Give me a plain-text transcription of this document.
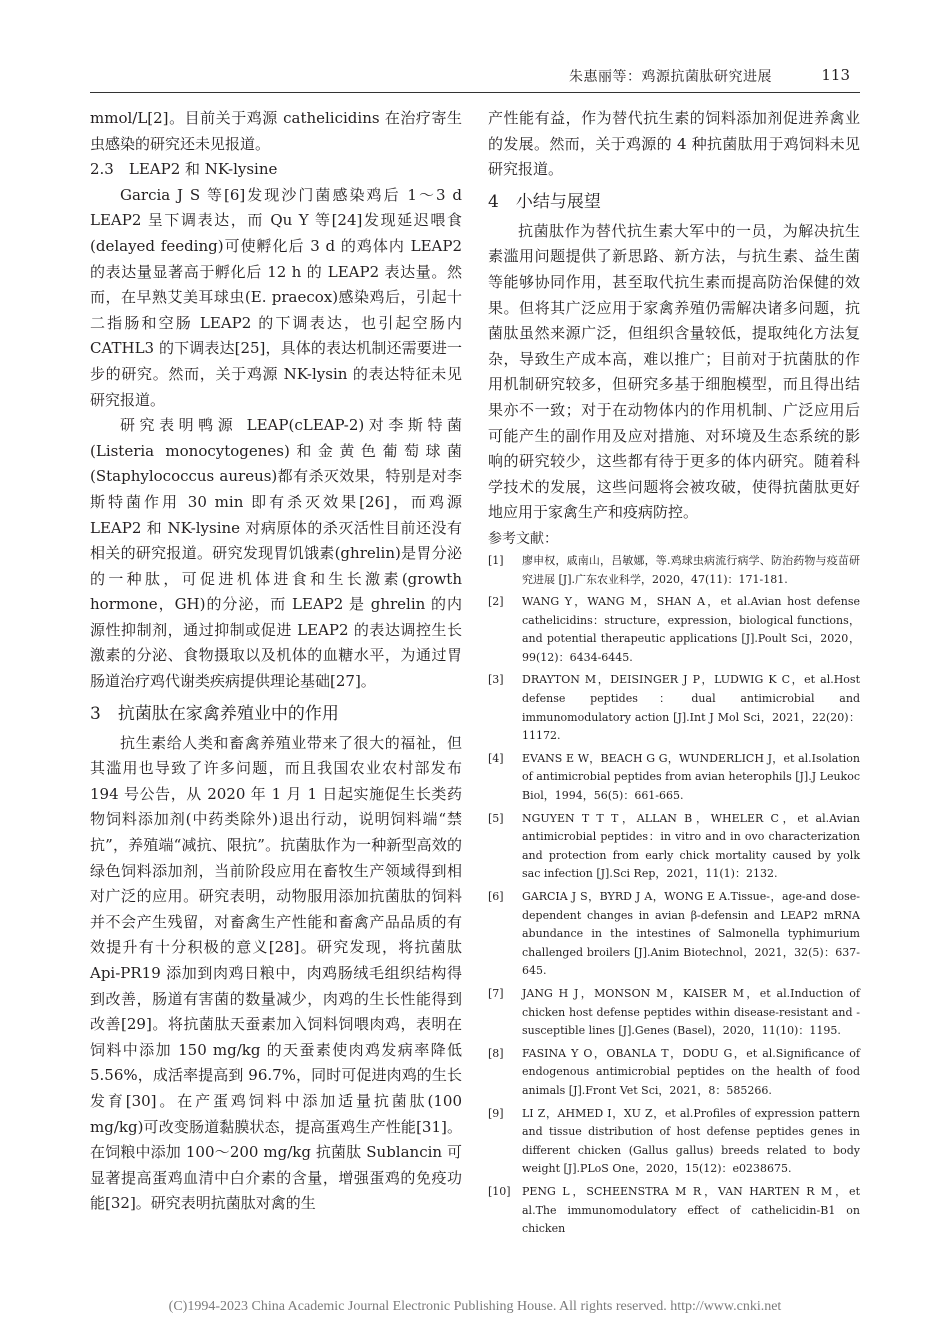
朱惠丽等：鸡源抗菌肽研究进展	113

mmol/L[2]。目前关于鸡源 cathelicidins 在治疗寄生虫感染的研究还未见报道。

2.3　LEAP2 和 NK-lysine

Garcia J S 等[6]发现沙门菌感染鸡后 1～3 d LEAP2 呈下调表达，而 Qu Y 等[24]发现延迟喂食(delayed feeding)可使孵化后 3 d 的鸡体内 LEAP2 的表达量显著高于孵化后 12 h 的 LEAP2 表达量。然而，在早熟艾美耳球虫(E. praecox)感染鸡后，引起十二指肠和空肠 LEAP2 的下调表达，也引起空肠内 CATHL3 的下调表达[25]，具体的表达机制还需要进一步的研究。然而，关于鸡源 NK-lysin 的表达特征未见研究报道。

研究表明鸭源 LEAP(cLEAP-2)对李斯特菌(Listeria monocytogenes)和金黄色葡萄球菌(Staphylococcus aureus)都有杀灭效果，特别是对李斯特菌作用 30 min 即有杀灭效果[26]，而鸡源 LEAP2 和 NK-lysine 对病原体的杀灭活性目前还没有相关的研究报道。研究发现胃饥饿素(ghrelin)是胃分泌的一种肽，可促进机体进食和生长激素(growth hormone，GH)的分泌，而 LEAP2 是 ghrelin 的内源性抑制剂，通过抑制或促进 LEAP2 的表达调控生长激素的分泌、食物摄取以及机体的血糖水平，为通过胃肠道治疗鸡代谢类疾病提供理论基础[27]。

3　抗菌肽在家禽养殖业中的作用

抗生素给人类和畜禽养殖业带来了很大的福祉，但其滥用也导致了许多问题，而且我国农业农村部发布 194 号公告，从 2020 年 1 月 1 日起实施促生长类药物饲料添加剂(中药类除外)退出行动，说明饲料端“禁抗”，养殖端“减抗、限抗”。抗菌肽作为一种新型高效的绿色饲料添加剂，当前阶段应用在畜牧生产领域得到相对广泛的应用。研究表明，动物服用添加抗菌肽的饲料并不会产生残留，对畜禽生产性能和畜禽产品品质的有效提升有十分积极的意义[28]。研究发现，将抗菌肽 Api-PR19 添加到肉鸡日粮中，肉鸡肠绒毛组织结构得到改善，肠道有害菌的数量减少，肉鸡的生长性能得到改善[29]。将抗菌肽天蚕素加入饲料饲喂肉鸡，表明在饲料中添加 150 mg/kg 的天蚕素使肉鸡发病率降低 5.56%，成活率提高到 96.7%，同时可促进肉鸡的生长发育[30]。在产蛋鸡饲料中添加适量抗菌肽(100 mg/kg)可改变肠道黏膜状态，提高蛋鸡生产性能[31]。在饲粮中添加 100～200 mg/kg 抗菌肽 Sublancin 可显著提高蛋鸡血清中白介素的含量，增强蛋鸡的免疫功能[32]。研究表明抗菌肽对禽的生

产性能有益，作为替代抗生素的饲料添加剂促进养禽业的发展。然而，关于鸡源的 4 种抗菌肽用于鸡饲料未见研究报道。

4　小结与展望

抗菌肽作为替代抗生素大军中的一员，为解决抗生素滥用问题提供了新思路、新方法，与抗生素、益生菌等能够协同作用，甚至取代抗生素而提高防治保健的效果。但将其广泛应用于家禽养殖仍需解决诸多问题，抗菌肽虽然来源广泛，但组织含量较低，提取纯化方法复杂，导致生产成本高，难以推广；目前对于抗菌肽的作用机制研究较多，但研究多基于细胞模型，而且得出结果亦不一致；对于在动物体内的作用机制、广泛应用后可能产生的副作用及应对措施、对环境及生态系统的影响的研究较少，这些都有待于更多的体内研究。随着科学技术的发展，这些问题将会被攻破，使得抗菌肽更好地应用于家禽生产和疫病防控。

参考文献：

[1] 廖申权，戚南山，吕敏娜，等.鸡球虫病流行病学、防治药物与疫苗研究进展 [J].广东农业科学，2020，47(11)：171-181.
[2] WANG Y，WANG M，SHAN A，et al.Avian host defense cathelicidins：structure，expression，biological functions，and potential therapeutic applications [J].Poult Sci，2020，99(12)：6434-6445.
[3] DRAYTON M，DEISINGER J P，LUDWIG K C，et al.Host defense peptides：dual antimicrobial and immunomodulatory action [J].Int J Mol Sci，2021，22(20)：11172.
[4] EVANS E W，BEACH G G，WUNDERLICH J，et al.Isolation of antimicrobial peptides from avian heterophils [J].J Leukoc Biol，1994，56(5)：661-665.
[5] NGUYEN T T T，ALLAN B，WHELER C，et al.Avian antimicrobial peptides：in vitro and in ovo characterization and protection from early chick mortality caused by yolk sac infection [J].Sci Rep，2021，11(1)：2132.
[6] GARCIA J S，BYRD J A，WONG E A.Tissue-，age-and dose-dependent changes in avian β-defensin and LEAP2 mRNA abundance in the intestines of Salmonella typhimurium challenged broilers [J].Anim Biotechnol，2021，32(5)：637-645.
[7] JANG H J，MONSON M，KAISER M，et al.Induction of chicken host defense peptides within disease-resistant and -susceptible lines [J].Genes (Basel)，2020，11(10)：1195.
[8] FASINA Y O，OBANLA T，DODU G，et al.Significance of endogenous antimicrobial peptides on the health of food animals [J].Front Vet Sci，2021，8：585266.
[9] LI Z，AHMED I，XU Z，et al.Profiles of expression pattern and tissue distribution of host defense peptides genes in different chicken (Gallus gallus) breeds related to body weight [J].PLoS One，2020，15(12)：e0238675.
[10] PENG L，SCHEENSTRA M R，VAN HARTEN R M，et al.The immunomodulatory effect of cathelicidin-B1 on chicken
(C)1994-2023 China Academic Journal Electronic Publishing House. All rights reserved. http://www.cnki.net
